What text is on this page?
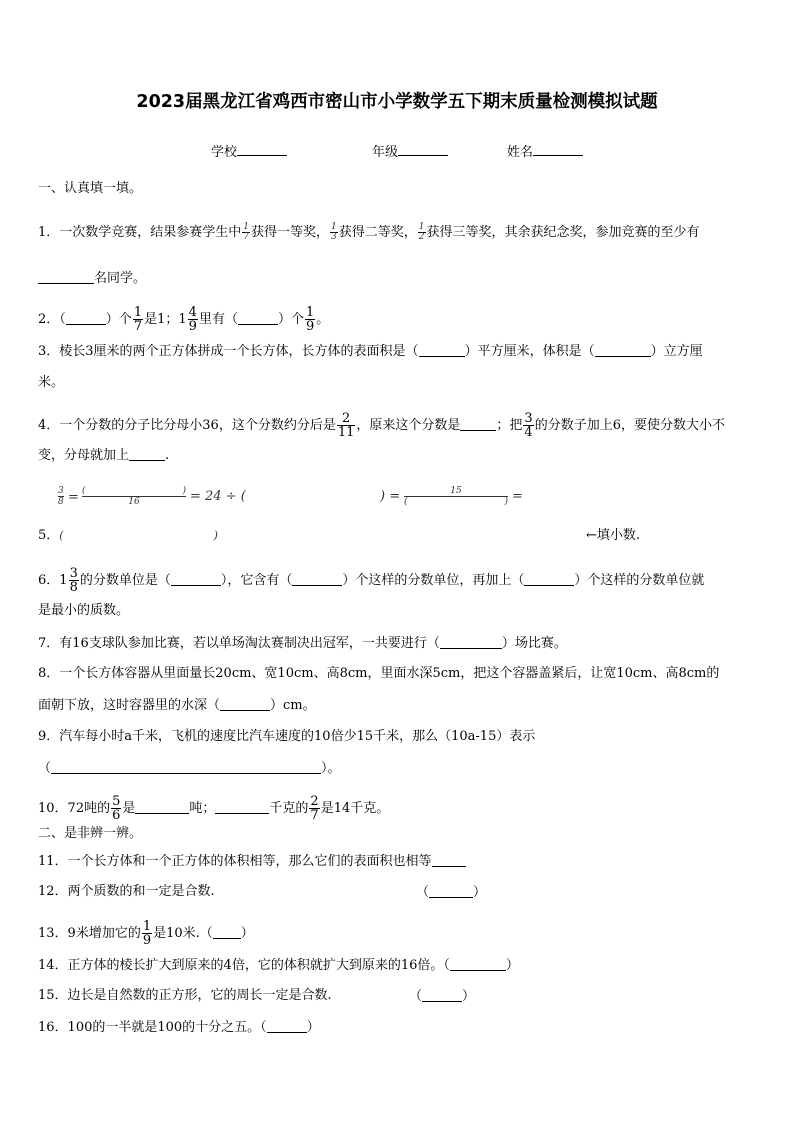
2023届黑龙江省鸡西市密山市小学数学五下期末质量检测模拟试题
学校	年级	姓名
一、认真填一填。
1．一次数学竞赛，结果参赛学生中 $\frac{1}{7}$ 获得一等奖， $\frac{1}{3}$ 获得二等奖， $\frac{1}{2}$ 获得三等奖，其余获纪念奖，参加竞赛的至少有
名同学。
2．（	）个 $\frac{1}{7}$ 是1；$1 \frac{4}{9}$ 里有（	）个 $\frac{1}{9}$ 。
3．棱长3厘米的两个正方体拼成一个长方体，长方体的表面积是（	）平方厘米，体积是（	）立方厘
米。
4．一个分数的分子比分母小36，这个分数约分后是 $\frac{2}{11}$ ，原来这个分数是	；把 $\frac{3}{4}$ 的分数子加上6，要使分数大小不
变，分母就加上	.
3
8 = (	)
16	= 24 ÷ (	) =	15
(	) =
5．(	)	←填小数.
6．$1 \frac{3}{8}$ 的分数单位是（	），它含有（	）个这样的分数单位，再加上（	）个这样的分数单位就
是最小的质数。
7．有16支球队参加比赛，若以单场淘汰赛制决出冠军，一共要进行（	）场比赛。
8．一个长方体容器从里面量长20cm、宽10cm、高8cm，里面水深5cm，把这个容器盖紧后，让宽10cm、高8cm的
面朝下放，这时容器里的水深（	）cm。
9．汽车每小时a千米，飞机的速度比汽车速度的10倍少15千米，那么（10a-15）表示
（	）。
10．72吨的 $\frac{5}{6}$ 是	吨；	千克的 $\frac{2}{7}$ 是14千克。
二、是非辨一辨。
11．一个长方体和一个正方体的体积相等，那么它们的表面积也相等
12．两个质数的和一定是合数.	（	）
13．9米增加它的 $\frac{1}{9}$ 是10米.（ ）
14．正方体的棱长扩大到原来的4倍，它的体积就扩大到原来的16倍。（	）
15．边长是自然数的正方形，它的周长一定是合数.	（	）
16．100的一半就是100的十分之五。（	）
